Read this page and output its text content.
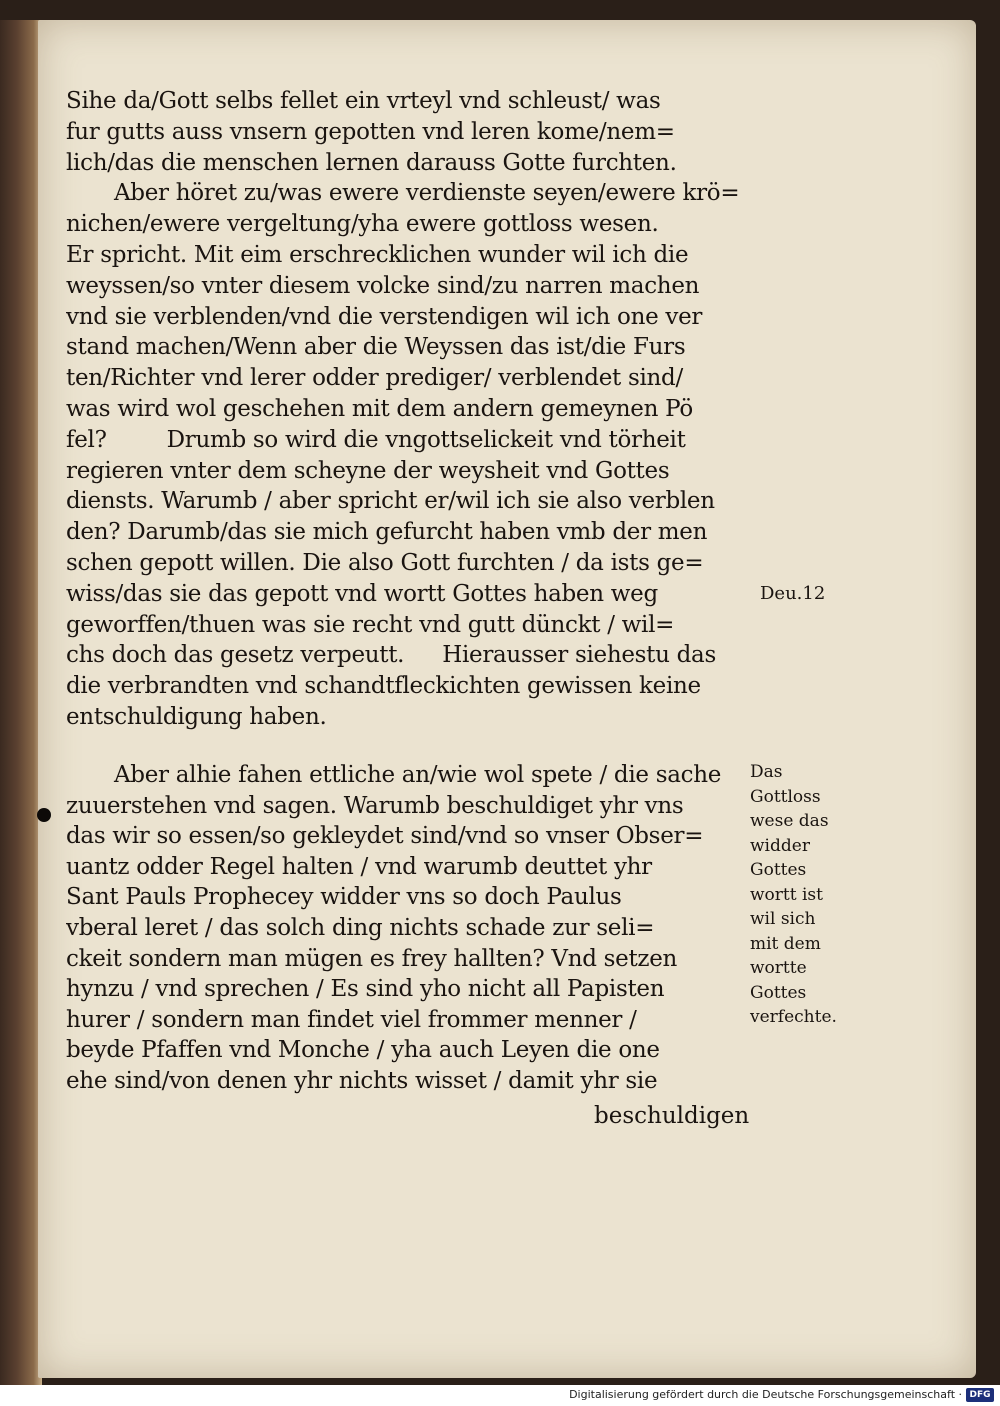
Sihe da/Gott selbs fellet ein vrteyl vnd schleust/ was
fur gutts auss vnsern gepotten vnd leren kome/nem=
lich/das die menschen lernen darauss Gotte furchten.
Aber höret zu/was ewere verdienste seyen/ewere krö=
nichen/ewere vergeltung/yha ewere gottloss wesen.
Er spricht. Mit eim erschrecklichen wunder wil ich die
weyssen/so vnter diesem volcke sind/zu narren machen
vnd sie verblenden/vnd die verstendigen wil ich one ver
stand machen/Wenn aber die Weyssen das ist/die Furs
ten/Richter vnd lerer odder prediger/ verblendet sind/
was wird wol geschehen mit dem andern gemeynen Pö
fel?	Drumb so wird die vngottselickeit vnd törheit
regieren vnter dem scheyne der weysheit vnd Gottes
diensts. Warumb / aber spricht er/wil ich sie also verblen
den? Darumb/das sie mich gefurcht haben vmb der men
schen gepott willen. Die also Gott furchten / da ists ge=
wiss/das sie das gepott vnd wortt Gottes haben weg
geworffen/thuen was sie recht vnd gutt dünckt / wil=
chs doch das gesetz verpeutt. Hierausser siehestu das
die verbrandten vnd schandtfleckichten gewissen keine
entschuldigung haben.
Deu.12
Aber alhie fahen ettliche an/wie wol spete / die sache
zuuerstehen vnd sagen. Warumb beschuldiget yhr vns
das wir so essen/so gekleydet sind/vnd so vnser Obser=
uantz odder Regel halten / vnd warumb deuttet yhr
Sant Pauls Prophecey widder vns so doch Paulus
vberal leret / das solch ding nichts schade zur seli=
ckeit sondern man mügen es frey hallten? Vnd setzen
hynzu / vnd sprechen / Es sind yho nicht all Papisten
hurer / sondern man findet viel frommer menner /
beyde Pfaffen vnd Monche / yha auch Leyen die one
ehe sind/von denen yhr nichts wisset / damit yhr sie
beschuldigen
Das
Gottloss
wese das
widder
Gottes
wortt ist
wil sich
mit dem
wortte
Gottes
verfechte.
Digitalisierung gefördert durch die Deutsche Forschungsgemeinschaft · DFG
